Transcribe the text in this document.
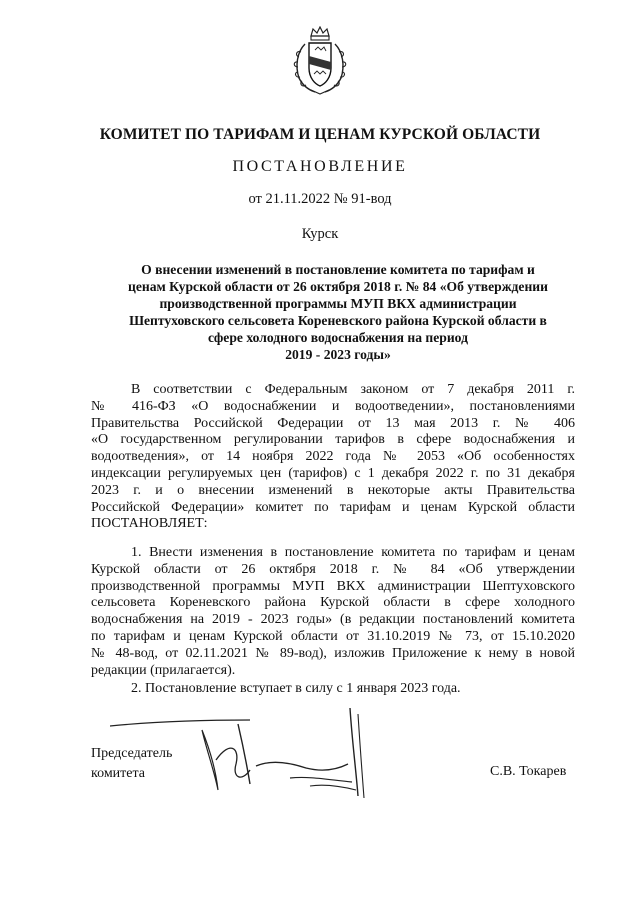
КОМИТЕТ ПО ТАРИФАМ И ЦЕНАМ КУРСКОЙ ОБЛАСТИ
ПОСТАНОВЛЕНИЕ
от 21.11.2022 № 91-вод
Курск
О внесении изменений в постановление комитета по тарифам и
ценам Курской области от 26 октября 2018 г. № 84 «Об утверждении
производственной программы МУП ВКХ администрации
Шептуховского сельсовета Кореневского района Курской области в
сфере холодного водоснабжения на период
2019 - 2023 годы»
В соответствии с Федеральным законом от 7 декабря 2011 г.
№ 416-ФЗ «О водоснабжении и водоотведении», постановлениями
Правительства Российской Федерации от 13 мая 2013 г. № 406
«О государственном регулировании тарифов в сфере водоснабжения и
водоотведения», от 14 ноября 2022 года № 2053 «Об особенностях
индексации регулируемых цен (тарифов) с 1 декабря 2022 г. по 31 декабря
2023 г. и о внесении изменений в некоторые акты Правительства
Российской Федерации» комитет по тарифам и ценам Курской области
ПОСТАНОВЛЯЕТ:
1. Внести изменения в постановление комитета по тарифам и ценам
Курской области от 26 октября 2018 г. № 84 «Об утверждении
производственной программы МУП ВКХ администрации Шептуховского
сельсовета Кореневского района Курской области в сфере холодного
водоснабжения на 2019 - 2023 годы» (в редакции постановлений комитета
по тарифам и ценам Курской области от 31.10.2019 № 73, от 15.10.2020
№ 48-вод, от 02.11.2021 № 89-вод), изложив Приложение к нему в новой
редакции (прилагается).
2. Постановление вступает в силу с 1 января 2023 года.
Председатель
комитета	С.В. Токарев
